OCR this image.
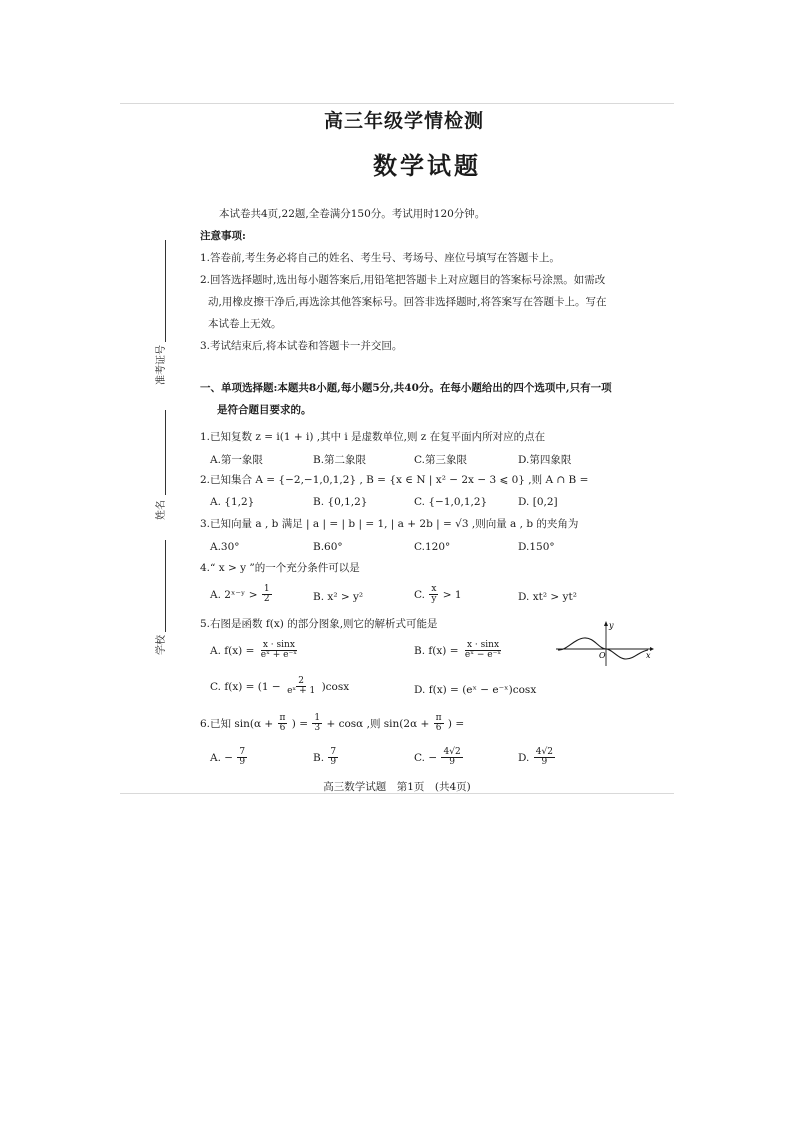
高三年级学情检测
数学试题
准考证号
姓名
学校
本试卷共4页,22题,全卷满分150分。考试用时120分钟。
注意事项:
1.答卷前,考生务必将自己的姓名、考生号、考场号、座位号填写在答题卡上。
2.回答选择题时,选出每小题答案后,用铅笔把答题卡上对应题目的答案标号涂黑。如需改
动,用橡皮擦干净后,再选涂其他答案标号。回答非选择题时,将答案写在答题卡上。写在
本试卷上无效。
3.考试结束后,将本试卷和答题卡一并交回。
一、单项选择题:本题共8小题,每小题5分,共40分。在每小题给出的四个选项中,只有一项
是符合题目要求的。
1.已知复数 z = i(1 + i) ,其中 i 是虚数单位,则 z 在复平面内所对应的点在
A.第一象限	B.第二象限	C.第三象限	D.第四象限
2.已知集合 A = {−2,−1,0,1,2} , B = {x ∈ N | x² − 2x − 3 ⩽ 0} ,则 A ∩ B =
A. {1,2}	B. {0,1,2}	C. {−1,0,1,2}	D. [0,2]
3.已知向量 a , b 满足 | a | = | b | = 1, | a + 2b | = √3 ,则向量 a , b 的夹角为
A.30°	B.60°	C.120°	D.150°
4.“ x > y ”的一个充分条件可以是
A. 2ˣ⁻ʸ > $\frac{1}{2}$	B. x² > y²	C. $\frac{x}{y} > 1$	D. xt² > yt²
5.右图是函数 f(x) 的部分图象,则它的解析式可能是
A. $f(x) = \frac{x \cdot \sin x}{\text{eˣ + e⁻ˣ}}$	B. $f(x) = \frac{x \cdot \sin x}{\text{eˣ − e⁻ˣ}}$
C. $f(x) = (1 - \frac{2}{\text{eˣ + 1}} )\cos x$	D. f(x) = (eˣ − e⁻ˣ)cosx
y
x
O
6.已知 $\sin(\alpha + \frac{\pi}{6}$ ) = $\frac{1}{3} + \cos\alpha$ ,则 $\sin(2\alpha + \frac{\pi}{6}$ ) =
A. − $\frac{7}{9}$	B. $\frac{7}{9}$	C. − $\frac{4√2}{9}$	D. $\frac{4√2}{9}$
高三数学试题　第1页　(共4页)
